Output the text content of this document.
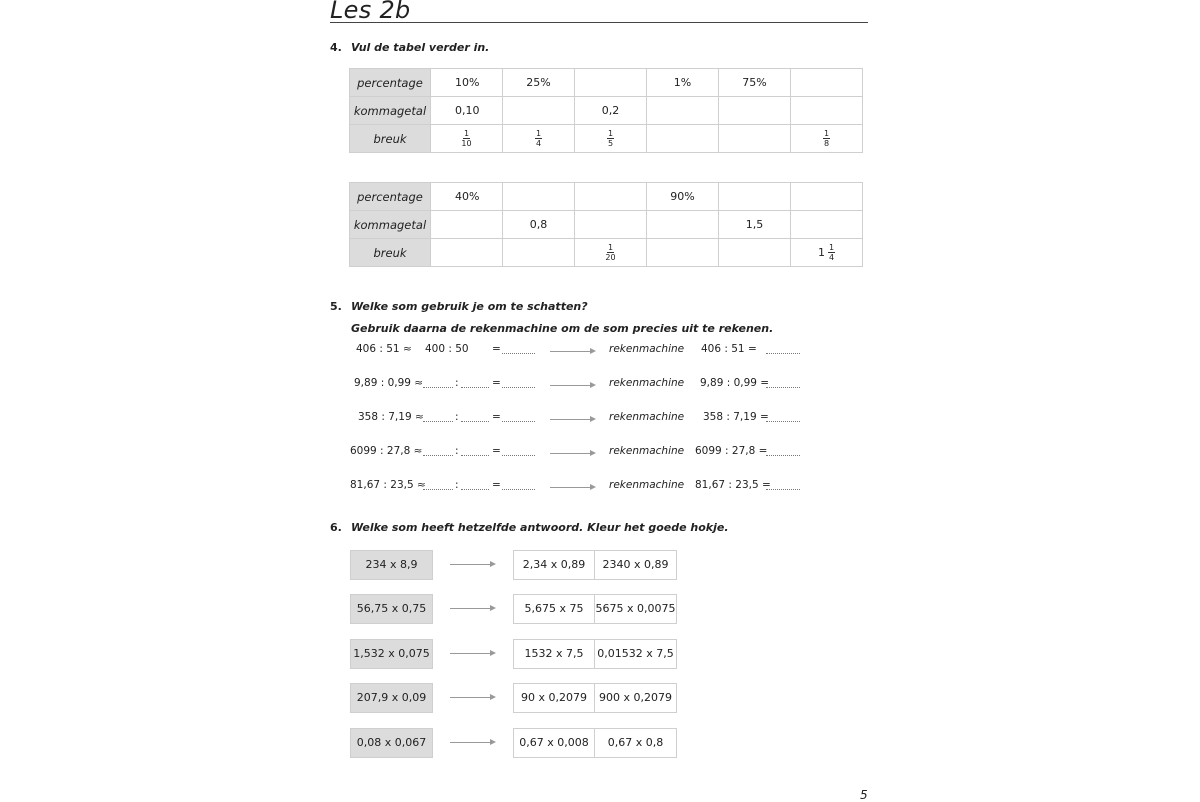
Les 2b
4. Vul de tabel verder in.
percentage	10%	25%		1%	75%	
kommagetal	0,10		0,2			
breuk	$\frac{1}{10}$	$\frac{1}{4}$	$\frac{1}{5}$			$\frac{1}{8}$
percentage	40%			90%		
kommagetal		0,8			1,5	
breuk			$\frac{1}{20}$			$1 \frac{1}{4}$
5. Welke som gebruik je om te schatten?
Gebruik daarna de rekenmachine om de som precies uit te rekenen.
406 : 51 ≈ 400 : 50 =	rekenmachine 406 : 51 =
9,89 : 0,99 ≈	:	=	rekenmachine 9,89 : 0,99 =
358 : 7,19 ≈	:	=	rekenmachine 358 : 7,19 =
6099 : 27,8 ≈	:	=	rekenmachine 6099 : 27,8 =
81,67 : 23,5 ≈	:	=	rekenmachine 81,67 : 23,5 =
6. Welke som heeft hetzelfde antwoord. Kleur het goede hokje.
234 x 8,9	2,34 x 0,89	2340 x 0,89
56,75 x 0,75	5,675 x 75	5675 x 0,0075
1,532 x 0,075	1532 x 7,5	0,01532 x 7,5
207,9 x 0,09	90 x 0,2079	900 x 0,2079
0,08 x 0,067	0,67 x 0,008	0,67 x 0,8
5
